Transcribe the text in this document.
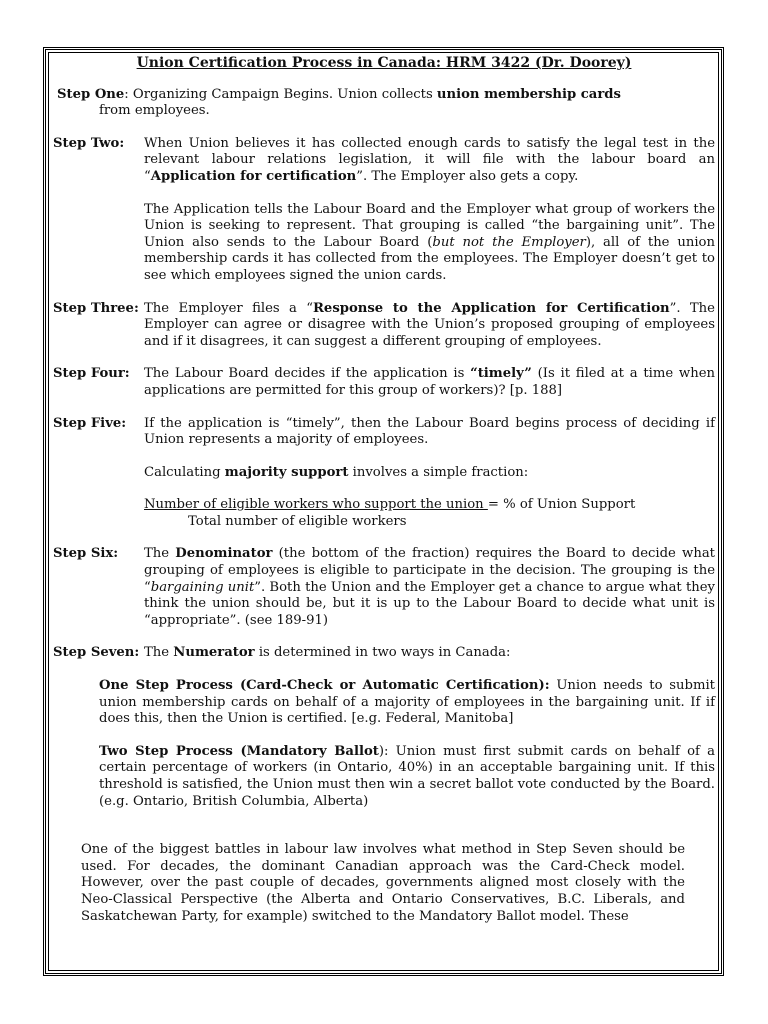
Union Certification Process in Canada: HRM 3422 (Dr. Doorey)
Step One: Organizing Campaign Begins. Union collects union membership cards
from employees.
Step Two:	When Union believes it has collected enough cards to satisfy the legal test in the relevant labour relations legislation, it will file with the labour board an “Application for certification”. The Employer also gets a copy.

The Application tells the Labour Board and the Employer what group of workers the Union is seeking to represent. That grouping is called “the bargaining unit”. The Union also sends to the Labour Board (but not the Employer), all of the union membership cards it has collected from the employees. The Employer doesn’t get to see which employees signed the union cards.

Step Three: The Employer files a “Response to the Application for Certification”. The Employer can agree or disagree with the Union’s proposed grouping of employees and if it disagrees, it can suggest a different grouping of employees.
Step Four:	The Labour Board decides if the application is “timely” (Is it filed at a time when applications are permitted for this group of workers)? [p. 188]
Step Five:	If the application is “timely”, then the Labour Board begins process of deciding if Union represents a majority of employees.

Calculating majority support involves a simple fraction:

Number of eligible workers who support the union = % of Union Support

Total number of eligible workers

Step Six:	The Denominator (the bottom of the fraction) requires the Board to decide what grouping of employees is eligible to participate in the decision. The grouping is the “bargaining unit”. Both the Union and the Employer get a chance to argue what they think the union should be, but it is up to the Labour Board to decide what unit is “appropriate”. (see 189-91)
Step Seven: The Numerator is determined in two ways in Canada:

One Step Process (Card-Check or Automatic Certification): Union needs to submit union membership cards on behalf of a majority of employees in the bargaining unit. If if does this, then the Union is certified. [e.g. Federal, Manitoba]

Two Step Process (Mandatory Ballot): Union must first submit cards on behalf of a certain percentage of workers (in Ontario, 40%) in an acceptable bargaining unit. If this threshold is satisfied, the Union must then win a secret ballot vote conducted by the Board. (e.g. Ontario, British Columbia, Alberta)

One of the biggest battles in labour law involves what method in Step Seven should be used. For decades, the dominant Canadian approach was the Card-Check model. However, over the past couple of decades, governments aligned most closely with the Neo-Classical Perspective (the Alberta and Ontario Conservatives, B.C. Liberals, and Saskatchewan Party, for example) switched to the Mandatory Ballot model. These
